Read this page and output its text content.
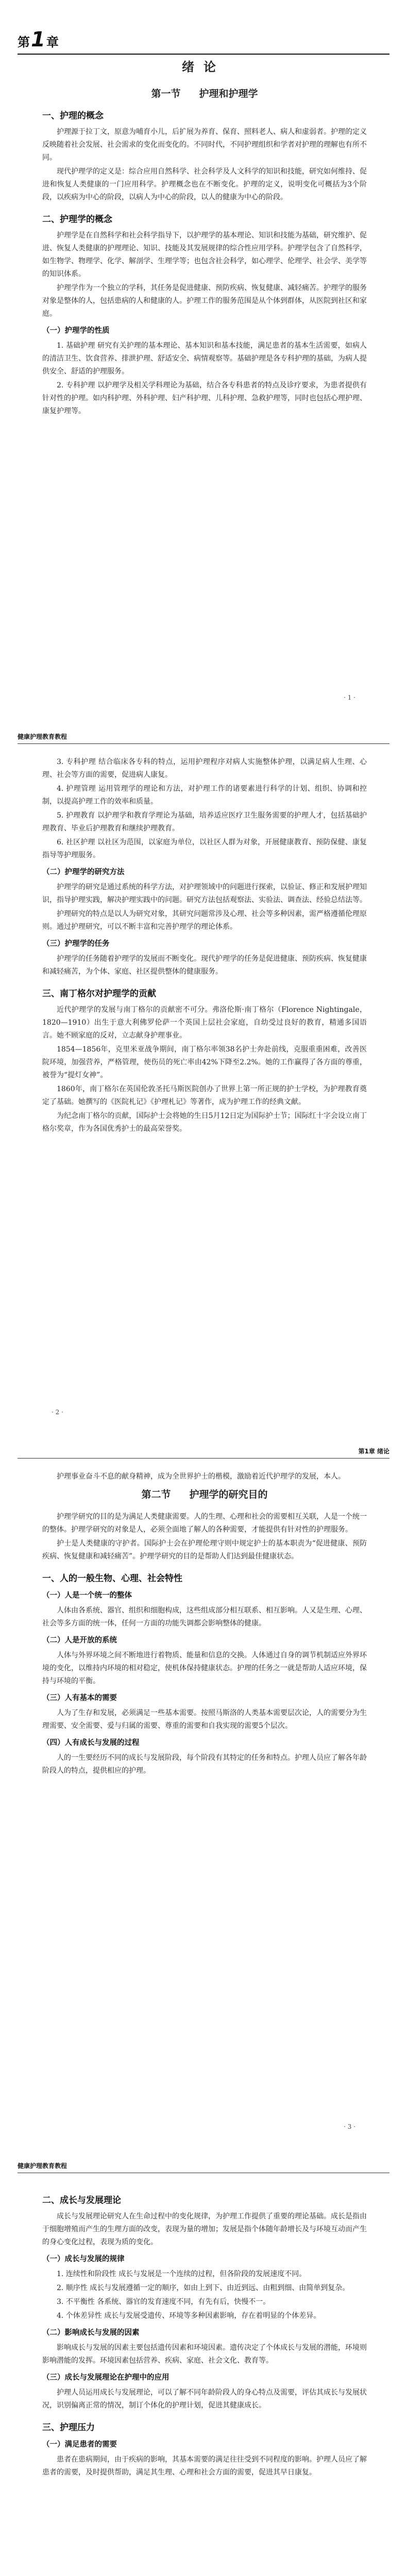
第1章
绪论
第一节 护理和护理学
一、护理的概念

护理源于拉丁文，原意为哺育小儿，后扩展为养育、保育、照料老人、病人和虚弱者。护理的定义反映随着社会发展、社会需求的变化而变化的。不同时代，不同护理组织和学者对护理的理解也有所不同。

现代护理学的定义是：综合应用自然科学、社会科学及人文科学的知识和技能，研究如何维持、促进和恢复人类健康的一门应用科学。护理概念也在不断变化。护理的定义，说明变化可概括为3个阶段，以疾病为中心的阶段，以病人为中心的阶段，以人的健康为中心的阶段。

二、护理学的概念

护理学是在自然科学和社会科学指导下，以护理学的基本理论、知识和技能为基础，研究维护、促进、恢复人类健康的护理理论、知识、技能及其发展规律的综合性应用学科。护理学包含了自然科学，如生物学、物理学、化学、解剖学、生理学等；也包含社会科学，如心理学、伦理学、社会学、美学等的知识体系。

护理学作为一个独立的学科，其任务是促进健康、预防疾病、恢复健康、减轻痛苦。护理学的服务对象是整体的人，包括患病的人和健康的人。护理工作的服务范围是从个体到群体，从医院到社区和家庭。

（一）护理学的性质

1. 基础护理 研究有关护理的基本理论、基本知识和基本技能，满足患者的基本生活需要，如病人的清洁卫生、饮食营养、排泄护理、舒适安全、病情观察等。基础护理是各专科护理的基础，为病人提供安全、舒适的护理服务。

2. 专科护理 以护理学及相关学科理论为基础，结合各专科患者的特点及诊疗要求，为患者提供有针对性的护理。如内科护理、外科护理、妇产科护理、儿科护理、急救护理等，同时也包括心理护理、康复护理等。

· 1 ·
健康护理教育教程

3. 专科护理 结合临床各专科的特点，运用护理程序对病人实施整体护理，以满足病人生理、心理、社会等方面的需要，促进病人康复。

4. 护理管理 运用管理学的理论和方法，对护理工作的诸要素进行科学的计划、组织、协调和控制，以提高护理工作的效率和质量。

5. 护理教育 以护理学和教育学理论为基础，培养适应医疗卫生服务需要的护理人才，包括基础护理教育、毕业后护理教育和继续护理教育。

6. 社区护理 以社区为范围，以家庭为单位，以社区人群为对象，开展健康教育、预防保健、康复指导等护理服务。

（二）护理学的研究方法

护理学的研究是通过系统的科学方法，对护理领域中的问题进行探索，以验证、修正和发展护理知识，指导护理实践，解决护理实践中的问题。研究方法包括观察法、实验法、调查法、经验总结法等。

护理研究的特点是以人为研究对象，其研究问题常涉及心理、社会等多种因素，需严格遵循伦理原则。通过护理研究，可以不断丰富和完善护理学的理论体系。

（三）护理学的任务

护理学的任务随着护理学的发展而不断变化。现代护理学的任务是促进健康、预防疾病、恢复健康和减轻痛苦，为个体、家庭、社区提供整体的健康服务。

三、南丁格尔对护理学的贡献

近代护理学的发展与南丁格尔的贡献密不可分。弗洛伦斯·南丁格尔（Florence Nightingale，1820—1910）出生于意大利佛罗伦萨一个英国上层社会家庭，自幼受过良好的教育，精通多国语言。她不顾家庭的反对，立志献身护理事业。

1854—1856年，克里米亚战争期间，南丁格尔率领38名护士奔赴前线，克服重重困难，改善医院环境，加强营养，严格管理，使伤员的死亡率由42%下降至2.2%。她的工作赢得了各方面的尊重，被誉为“提灯女神”。

1860年，南丁格尔在英国伦敦圣托马斯医院创办了世界上第一所正规的护士学校，为护理教育奠定了基础。她撰写的《医院札记》《护理札记》等著作，成为护理工作的经典文献。

为纪念南丁格尔的贡献，国际护士会将她的生日5月12日定为国际护士节；国际红十字会设立南丁格尔奖章，作为各国优秀护士的最高荣誉奖。

· 2 ·
第1章 绪论

护理事业奋斗不息的献身精神，成为全世界护士的楷模，激励着近代护理学的发展，本人。

第二节 护理学的研究目的

护理学研究的目的是为满足人类健康需要。人的生理、心理和社会的需要相互关联，人是一个统一的整体。护理学研究的对象是人，必须全面地了解人的各种需要，才能提供有针对性的护理服务。

护士是人类健康的守护者。国际护士会在护理伦理守则中规定护士的基本职责为“促进健康、预防疾病、恢复健康和减轻痛苦”。护理学研究的目的是帮助人们达到最佳健康状态。

一、人的一般生物、心理、社会特性
（一）人是一个统一的整体

人体由各系统、器官、组织和细胞构成，这些组成部分相互联系、相互影响。人又是生理、心理、社会等多方面的统一体，任何一方面的功能失调都会影响整体的健康。

（二）人是开放的系统

人体与外界环境之间不断地进行着物质、能量和信息的交换。人体通过自身的调节机制适应外界环境的变化，以维持内环境的相对稳定，使机体保持健康状态。护理的任务之一就是帮助人适应环境，保持与环境的平衡。

（三）人有基本的需要

人为了生存和发展，必须满足一些基本需要。按照马斯洛的人类基本需要层次论，人的需要分为生理需要、安全需要、爱与归属的需要、尊重的需要和自我实现的需要5个层次。

（四）人有成长与发展的过程

人的一生要经历不同的成长与发展阶段，每个阶段有其特定的任务和特点。护理人员应了解各年龄阶段人的特点，提供相应的护理。

· 3 ·
健康护理教育教程
二、成长与发展理论

成长与发展理论研究人在生命过程中的变化规律，为护理工作提供了重要的理论基础。成长是指由于细胞增殖而产生的生理方面的改变，表现为量的增加；发展是指个体随年龄增长及与环境互动而产生的身心变化过程，表现为质的变化。

（一）成长与发展的规律

1. 连续性和阶段性 成长与发展是一个连续的过程，但各阶段的发展速度不同。

2. 顺序性 成长与发展遵循一定的顺序，如由上到下、由近到远、由粗到细、由简单到复杂。

3. 不平衡性 各系统、器官的发育速度不同，有先有后，快慢不一。

4. 个体差异性 成长与发展受遗传、环境等多种因素影响，存在着明显的个体差异。

（二）影响成长与发展的因素

影响成长与发展的因素主要包括遗传因素和环境因素。遗传决定了个体成长与发展的潜能，环境则影响潜能的发挥。环境因素包括营养、疾病、家庭、社会文化、教育等。

（三）成长与发展理论在护理中的应用

护理人员运用成长与发展理论，可以了解不同年龄阶段人的身心特点及需要，评估其成长与发展状况，识别偏离正常的情况，制订个体化的护理计划，促进其健康成长。

三、护理压力
（一）满足患者的需要

患者在患病期间，由于疾病的影响，其基本需要的满足往往受到不同程度的影响。护理人员应了解患者的需要，及时提供帮助，满足其生理、心理和社会方面的需要，促进其早日康复。
